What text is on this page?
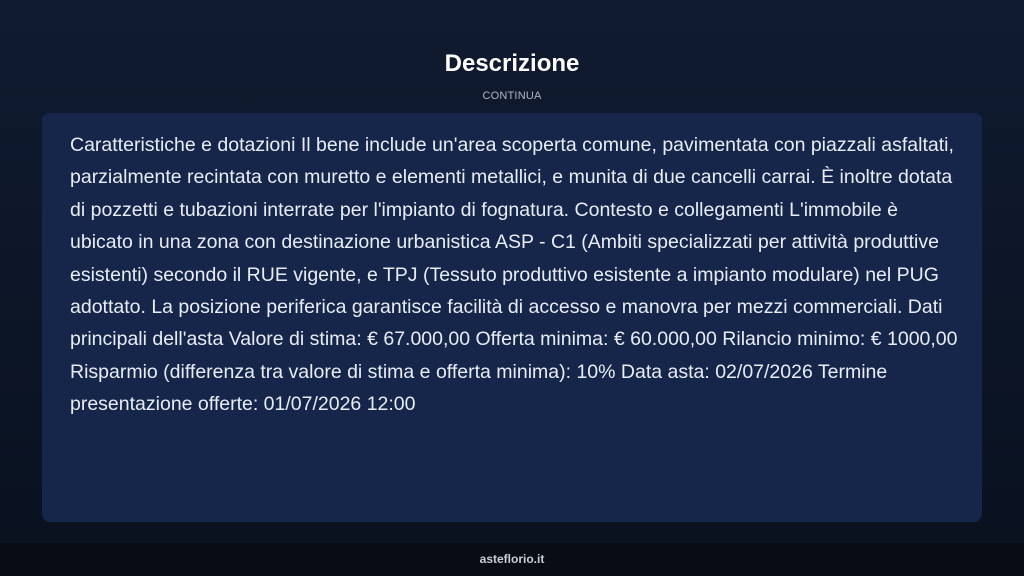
Descrizione
CONTINUA

Caratteristiche e dotazioni Il bene include un'area scoperta comune, pavimentata con piazzali asfaltati, parzialmente recintata con muretto e elementi metallici, e munita di due cancelli carrai. È inoltre dotata di pozzetti e tubazioni interrate per l'impianto di fognatura. Contesto e collegamenti L'immobile è ubicato in una zona con destinazione urbanistica ASP - C1 (Ambiti specializzati per attività produttive esistenti) secondo il RUE vigente, e TPJ (Tessuto produttivo esistente a impianto modulare) nel PUG adottato. La posizione periferica garantisce facilità di accesso e manovra per mezzi commerciali. Dati principali dell'asta Valore di stima: € 67.000,00 Offerta minima: € 60.000,00 Rilancio minimo: € 1000,00 Risparmio (differenza tra valore di stima e offerta minima): 10% Data asta: 02/07/2026 Termine presentazione offerte: 01/07/2026 12:00

asteflorio.it
